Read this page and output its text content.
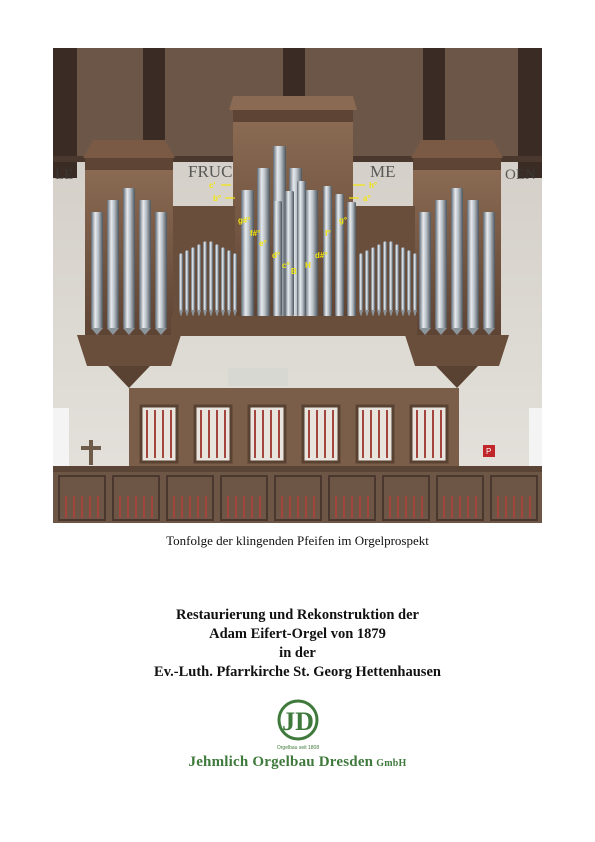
LE	FRUC	ME	OEN
P
c'
b°
h°
a°
g#°
f#°
e°
d°
c°
B
H
d#°
f°
g°

Tonfolge der klingenden Pfeifen im Orgelprospekt

Restaurierung und Rekonstruktion der
Adam Eifert-Orgel von 1879
in der
Ev.-Luth. Pfarrkirche St. Georg Hettenhausen
JD
Orgelbau seit 1808
Jehmlich Orgelbau Dresden GmbH
